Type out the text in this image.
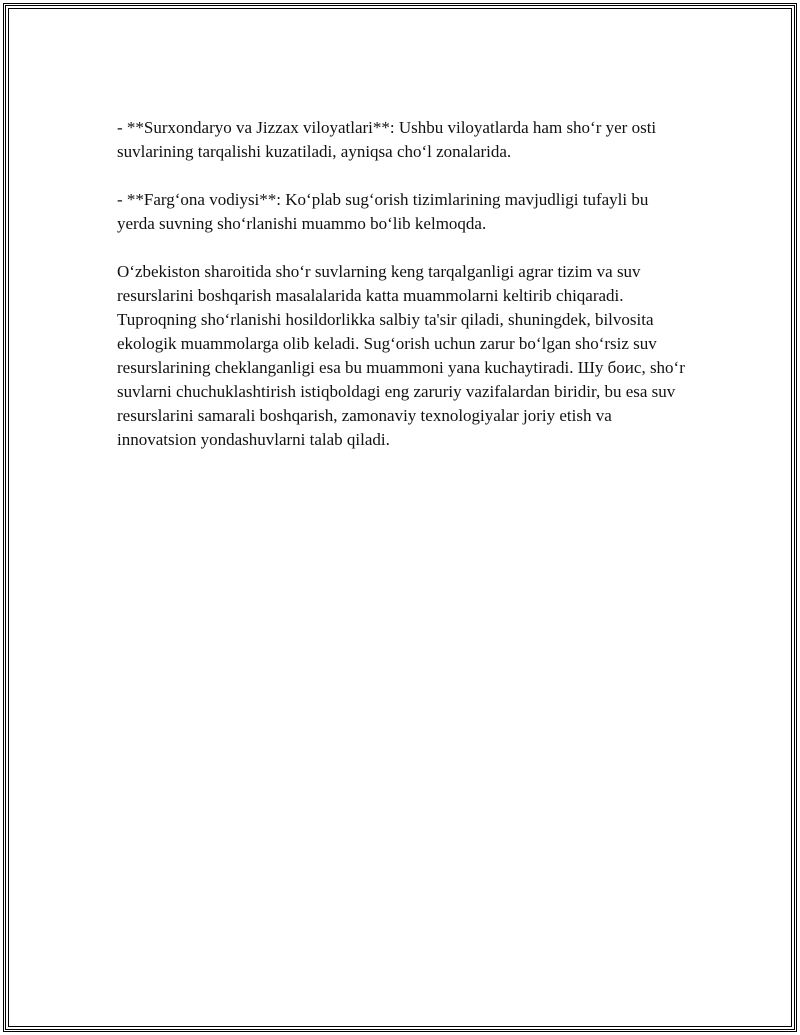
- **Surxondaryo va Jizzax viloyatlari**: Ushbu viloyatlarda ham sho‘r yer osti suvlarining tarqalishi kuzatiladi, ayniqsa cho‘l zonalarida.

- **Farg‘ona vodiysi**: Ko‘plab sug‘orish tizimlarining mavjudligi tufayli bu yerda suvning sho‘rlanishi muammo bo‘lib kelmoqda.

O‘zbekiston sharoitida sho‘r suvlarning keng tarqalganligi agrar tizim va suv resurslarini boshqarish masalalarida katta muammolarni keltirib chiqaradi. Tuproqning sho‘rlanishi hosildorlikka salbiy ta'sir qiladi, shuningdek, bilvosita ekologik muammolarga olib keladi. Sug‘orish uchun zarur bo‘lgan sho‘rsiz suv resurslarining cheklanganligi esa bu muammoni yana kuchaytiradi. Шу боис, sho‘r suvlarni chuchuklashtirish istiqboldagi eng zaruriy vazifalardan biridir, bu esa suv resurslarini samarali boshqarish, zamonaviy texnologiyalar joriy etish va innovatsion yondashuvlarni talab qiladi.
